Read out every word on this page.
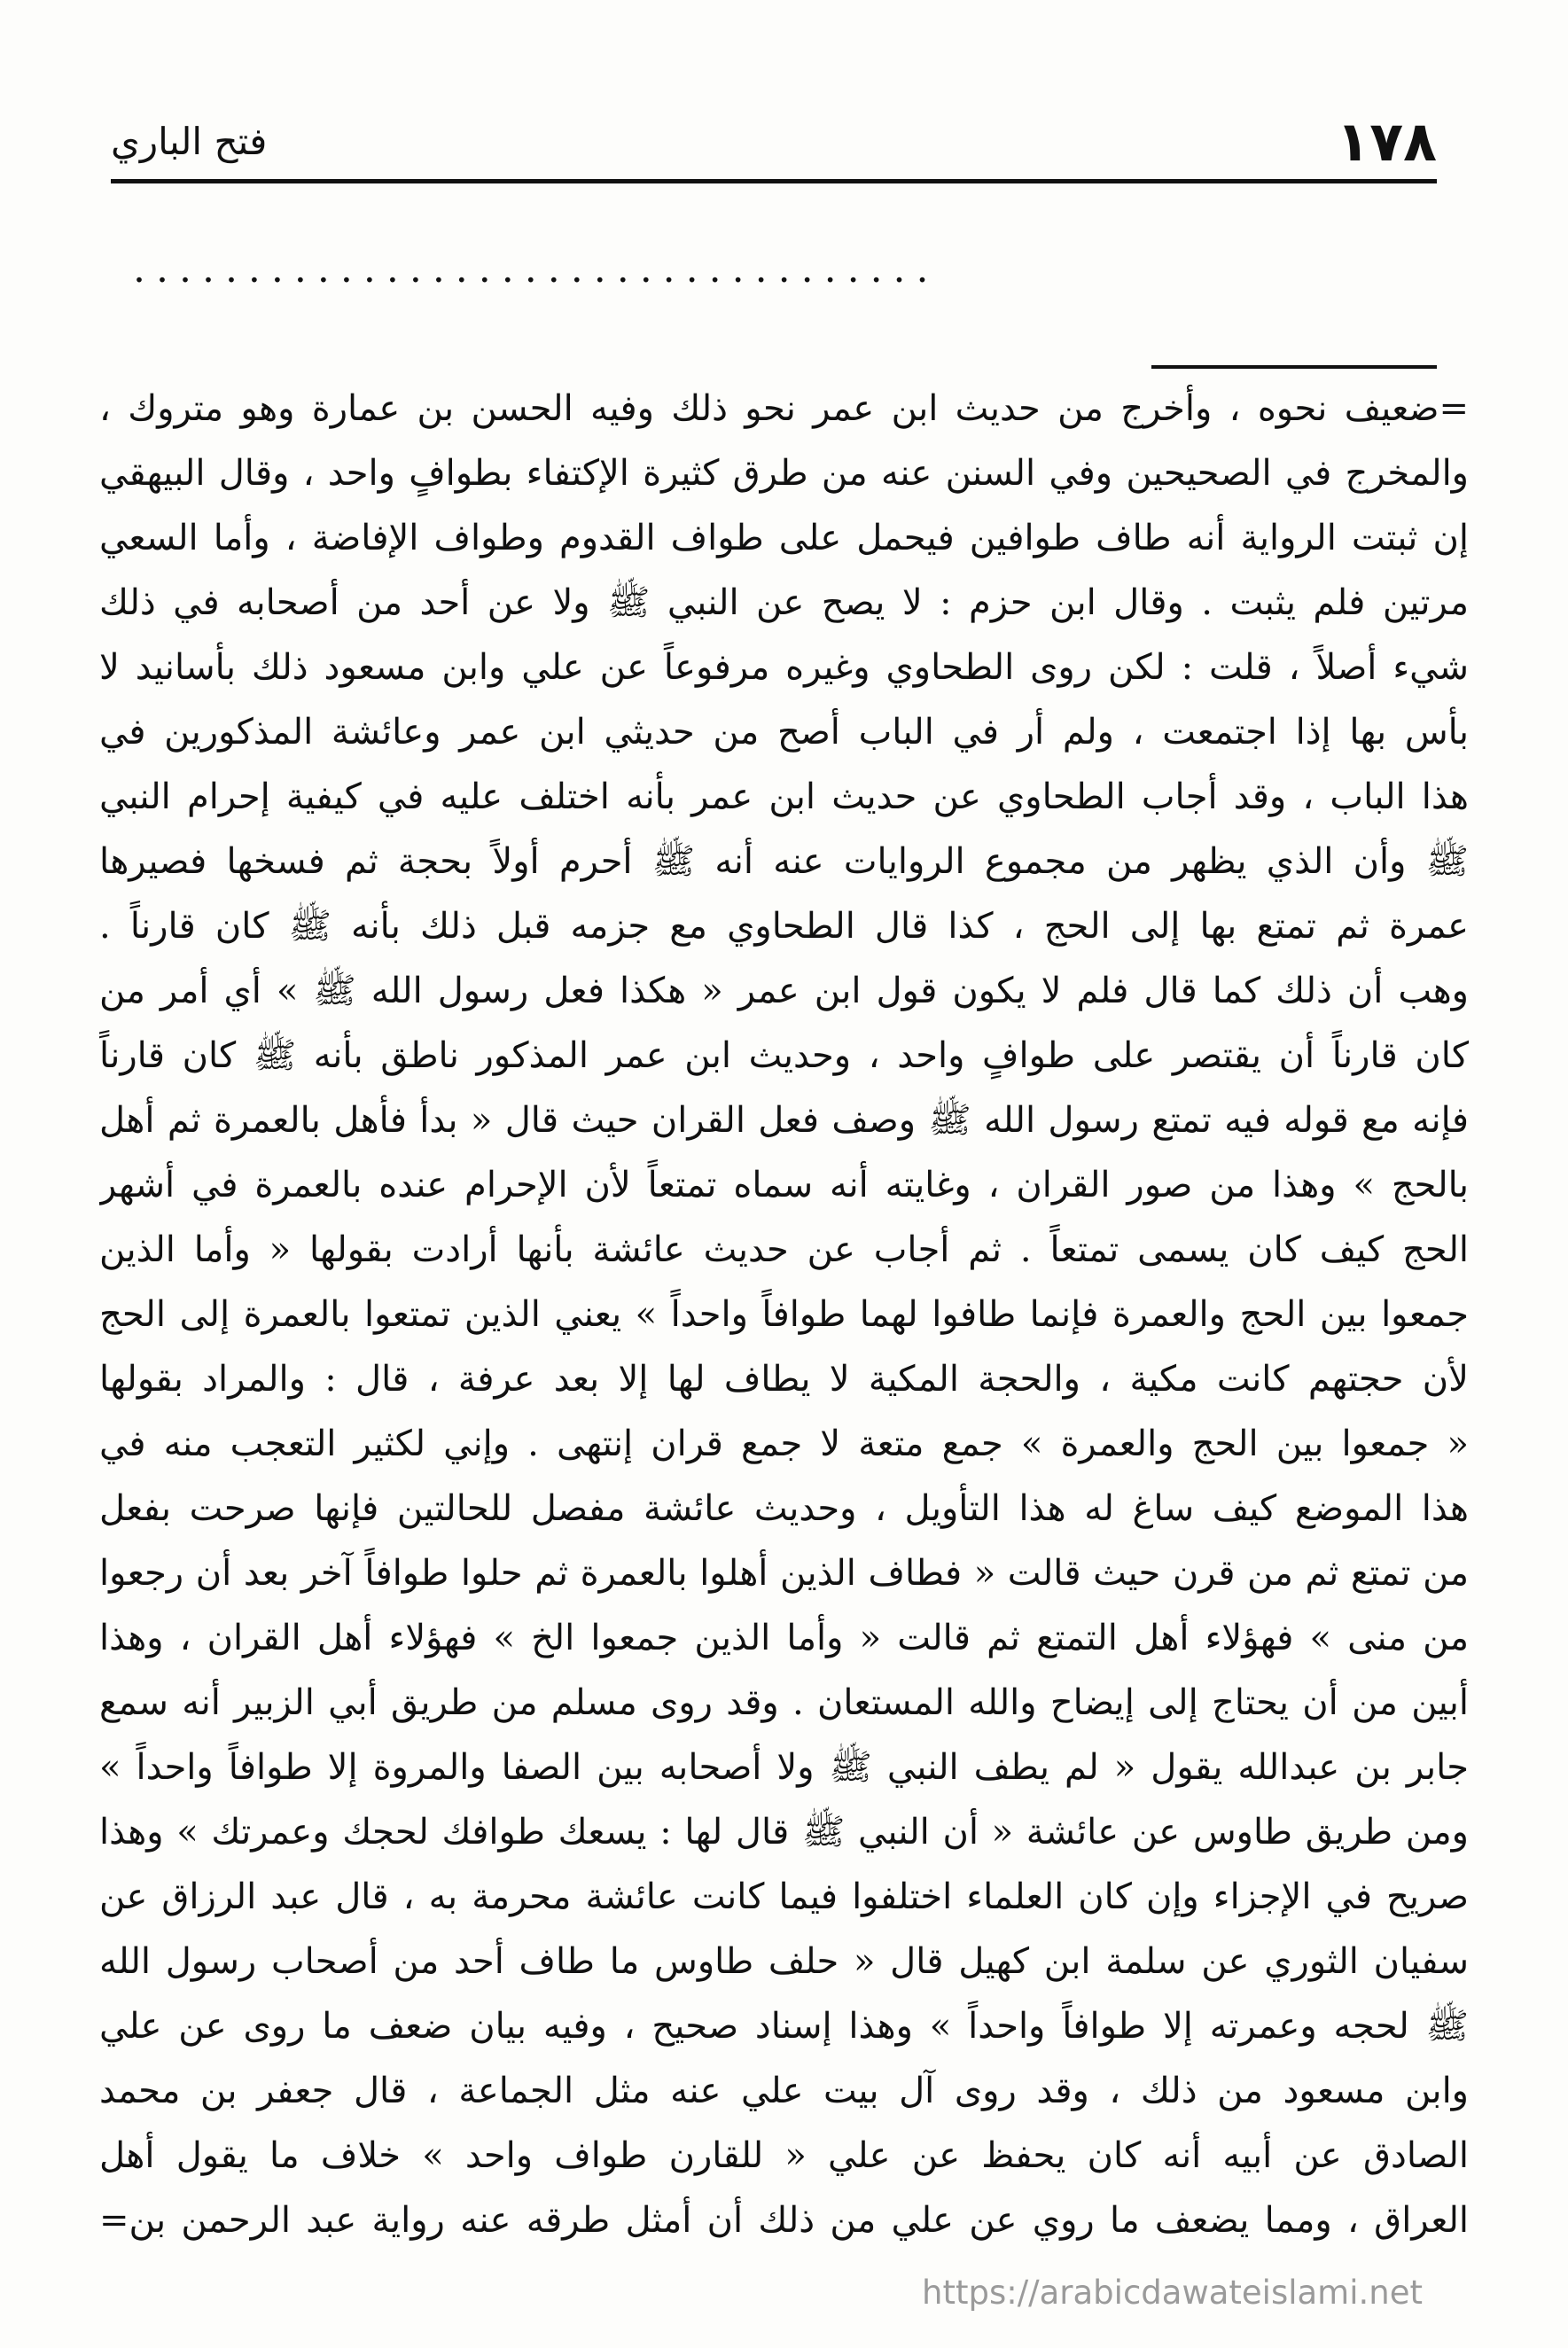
١٧٨
فتح الباري
...................................
=ضعيف نحوه ، وأخرج من حديث ابن عمر نحو ذلك وفيه الحسن بن عمارة وهو متروك ،
والمخرج في الصحيحين وفي السنن عنه من طرق كثيرة الإكتفاء بطوافٍ واحد ، وقال البيهقي
إن ثبتت الرواية أنه طاف طوافين فيحمل على طواف القدوم وطواف الإفاضة ، وأما السعي
مرتين فلم يثبت . وقال ابن حزم : لا يصح عن النبي ﷺ ولا عن أحد من أصحابه في ذلك
شيء أصلاً ، قلت : لكن روى الطحاوي وغيره مرفوعاً عن علي وابن مسعود ذلك بأسانيد لا
بأس بها إذا اجتمعت ، ولم أر في الباب أصح من حديثي ابن عمر وعائشة المذكورين في
هذا الباب ، وقد أجاب الطحاوي عن حديث ابن عمر بأنه اختلف عليه في كيفية إحرام النبي
ﷺ وأن الذي يظهر من مجموع الروايات عنه أنه ﷺ أحرم أولاً بحجة ثم فسخها فصيرها
عمرة ثم تمتع بها إلى الحج ، كذا قال الطحاوي مع جزمه قبل ذلك بأنه ﷺ كان قارناً .
وهب أن ذلك كما قال فلم لا يكون قول ابن عمر « هكذا فعل رسول الله ﷺ » أي أمر من
كان قارناً أن يقتصر على طوافٍ واحد ، وحديث ابن عمر المذكور ناطق بأنه ﷺ كان قارناً
فإنه مع قوله فيه تمتع رسول الله ﷺ وصف فعل القران حيث قال « بدأ فأهل بالعمرة ثم أهل
بالحج » وهذا من صور القران ، وغايته أنه سماه تمتعاً لأن الإحرام عنده بالعمرة في أشهر
الحج كيف كان يسمى تمتعاً . ثم أجاب عن حديث عائشة بأنها أرادت بقولها « وأما الذين
جمعوا بين الحج والعمرة فإنما طافوا لهما طوافاً واحداً » يعني الذين تمتعوا بالعمرة إلى الحج
لأن حجتهم كانت مكية ، والحجة المكية لا يطاف لها إلا بعد عرفة ، قال : والمراد بقولها
« جمعوا بين الحج والعمرة » جمع متعة لا جمع قران إنتهى . وإني لكثير التعجب منه في
هذا الموضع كيف ساغ له هذا التأويل ، وحديث عائشة مفصل للحالتين فإنها صرحت بفعل
من تمتع ثم من قرن حيث قالت « فطاف الذين أهلوا بالعمرة ثم حلوا طوافاً آخر بعد أن رجعوا
من منى » فهؤلاء أهل التمتع ثم قالت « وأما الذين جمعوا الخ » فهؤلاء أهل القران ، وهذا
أبين من أن يحتاج إلى إيضاح والله المستعان . وقد روى مسلم من طريق أبي الزبير أنه سمع
جابر بن عبدالله يقول « لم يطف النبي ﷺ ولا أصحابه بين الصفا والمروة إلا طوافاً واحداً »
ومن طريق طاوس عن عائشة « أن النبي ﷺ قال لها : يسعك طوافك لحجك وعمرتك » وهذا
صريح في الإجزاء وإن كان العلماء اختلفوا فيما كانت عائشة محرمة به ، قال عبد الرزاق عن
سفيان الثوري عن سلمة ابن كهيل قال « حلف طاوس ما طاف أحد من أصحاب رسول الله
ﷺ لحجه وعمرته إلا طوافاً واحداً » وهذا إسناد صحيح ، وفيه بيان ضعف ما روى عن علي
وابن مسعود من ذلك ، وقد روى آل بيت علي عنه مثل الجماعة ، قال جعفر بن محمد
الصادق عن أبيه أنه كان يحفظ عن علي « للقارن طواف واحد » خلاف ما يقول أهل
العراق ، ومما يضعف ما روي عن علي من ذلك أن أمثل طرقه عنه رواية عبد الرحمن بن=
https://arabicdawateislami.net
